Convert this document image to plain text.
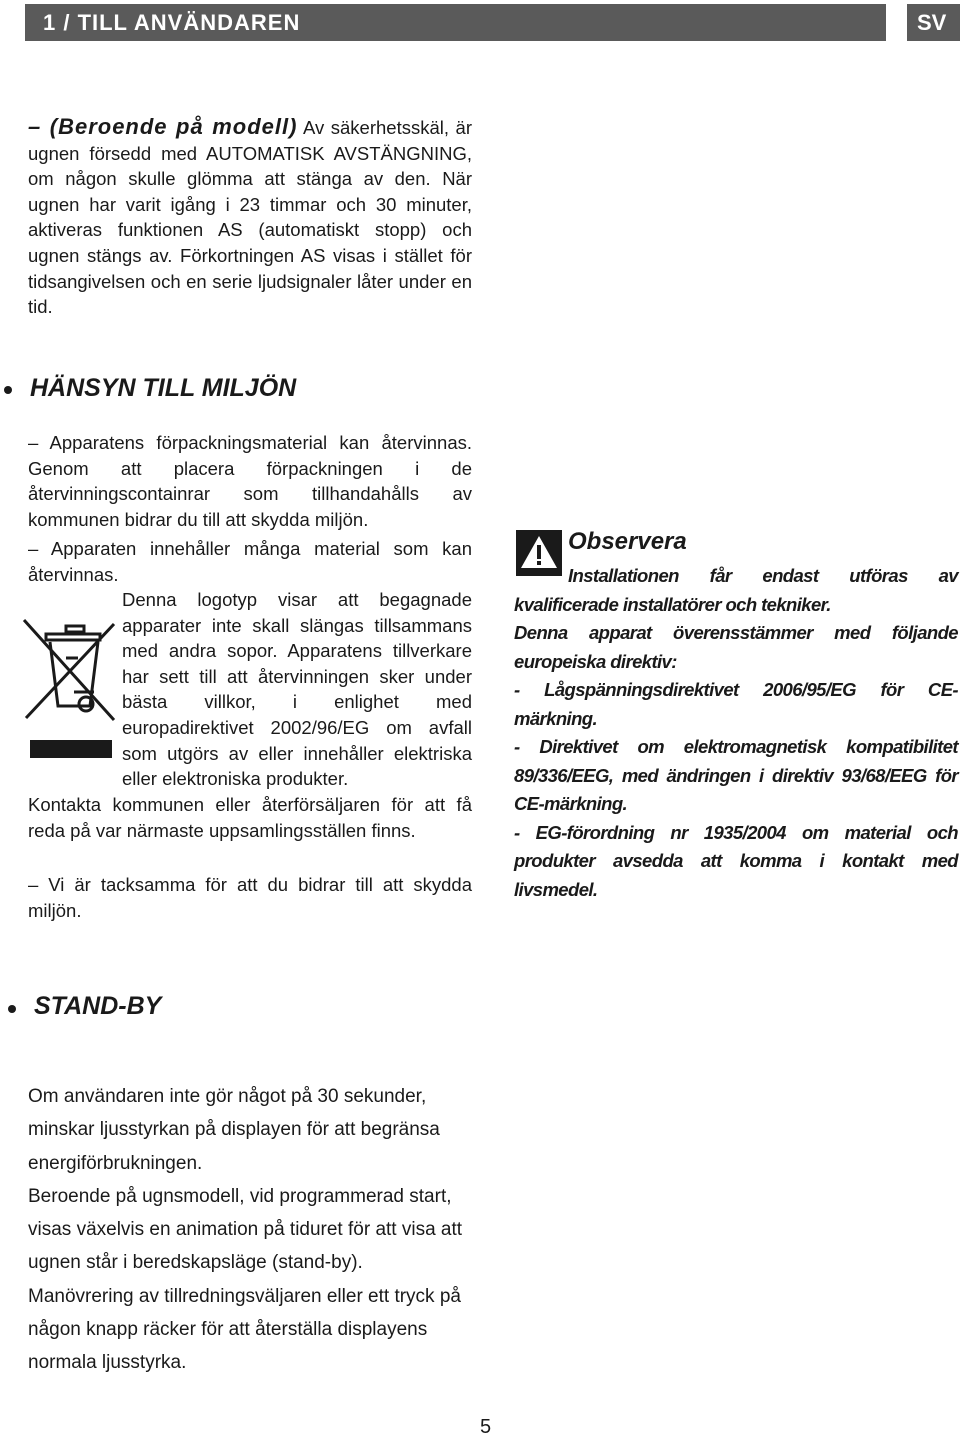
1 / TILL ANVÄNDAREN	SV
– (Beroende på modell) Av säkerhetsskäl, är ugnen försedd med AUTOMATISK AVSTÄNGNING, om någon skulle glömma att stänga av den. När ugnen har varit igång i 23 timmar och 30 minuter, aktiveras funktionen AS (automatiskt stopp) och ugnen stängs av. Förkortningen AS visas i stället för tidsangivelsen och en serie ljudsignaler låter under en tid.
HÄNSYN TILL MILJÖN
– Apparatens förpackningsmaterial kan återvinnas. Genom att placera förpackningen i de återvinningscontainrar som tillhandahålls av kommunen bidrar du till att skydda miljön.
– Apparaten innehåller många material som kan återvinnas.
Denna logotyp visar att begagnade apparater inte skall slängas tillsammans med andra sopor. Apparatens tillverkare har sett till att återvinningen sker under bästa villkor, i enlighet med europadirektivet 2002/96/EG om avfall som utgörs av eller innehåller elektriska eller elektroniska produkter.
Kontakta kommunen eller återförsäljaren för att få reda på var närmaste uppsamlingsställen finns.
– Vi är tacksamma för att du bidrar till att skydda miljön.
Observera
Installationen får endast utföras av kvalificerade installatörer och tekniker.
Denna apparat överensstämmer med följande europeiska direktiv:
- Lågspänningsdirektivet 2006/95/EG för CE-märkning.
- Direktivet om elektromagnetisk kompatibilitet 89/336/EEG, med ändringen i direktiv 93/68/EEG för CE-märkning.
- EG-förordning nr 1935/2004 om material och produkter avsedda att komma i kontakt med livsmedel.
STAND-BY
Om användaren inte gör något på 30 sekunder, minskar ljusstyrkan på displayen för att begränsa energiförbrukningen.
Beroende på ugnsmodell, vid programmerad start, visas växelvis en animation på tiduret för att visa att ugnen står i beredskapsläge (stand-by).
Manövrering av tillredningsväljaren eller ett tryck på någon knapp räcker för att återställa displayens normala ljusstyrka.
5
